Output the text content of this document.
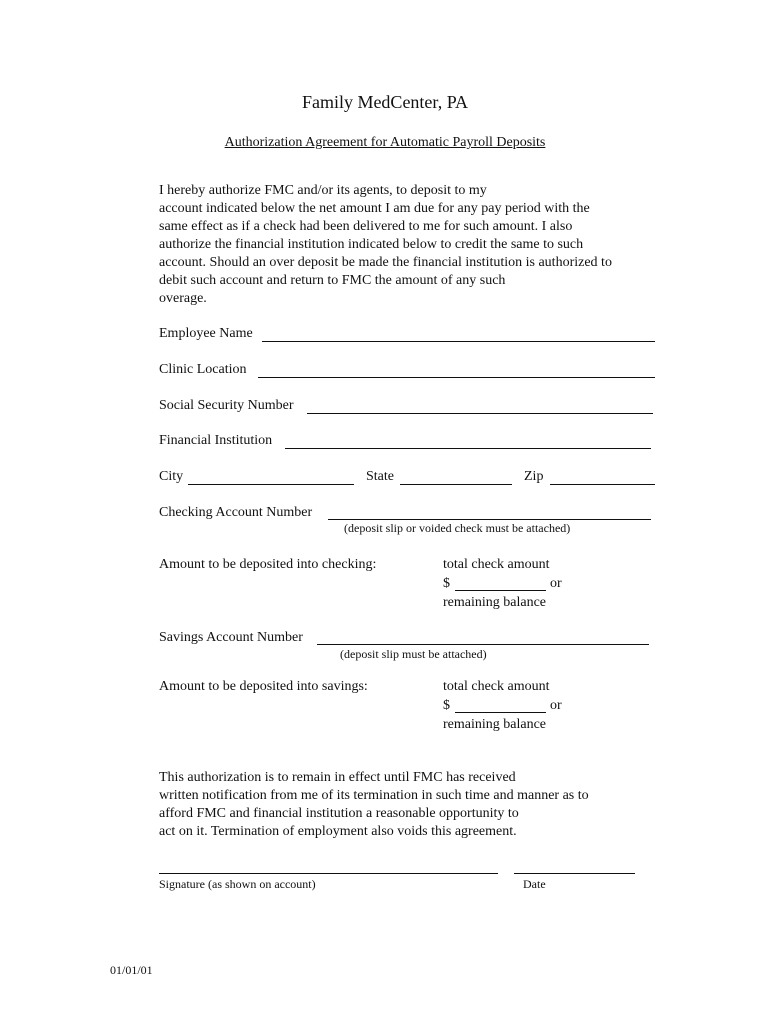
Family MedCenter, PA
Authorization Agreement for Automatic Payroll Deposits
I hereby authorize FMC and/or its agents, to deposit to my
account indicated below the net amount I am due for any pay period with the
same effect as if a check had been delivered to me for such amount. I also
authorize the financial institution indicated below to credit the same to such
account. Should an over deposit be made the financial institution is authorized to
debit such account and return to FMC the amount of any such
overage.
Employee Name
Clinic Location
Social Security Number
Financial Institution
City	State	Zip
Checking Account Number
(deposit slip or voided check must be attached)
Amount to be deposited into checking:	total check amount
$	or
remaining balance
Savings Account Number
(deposit slip must be attached)
Amount to be deposited into savings:	total check amount
$	or
remaining balance
This authorization is to remain in effect until FMC has received
written notification from me of its termination in such time and manner as to
afford FMC and financial institution a reasonable opportunity to
act on it. Termination of employment also voids this agreement.
Signature (as shown on account)	Date
01/01/01
